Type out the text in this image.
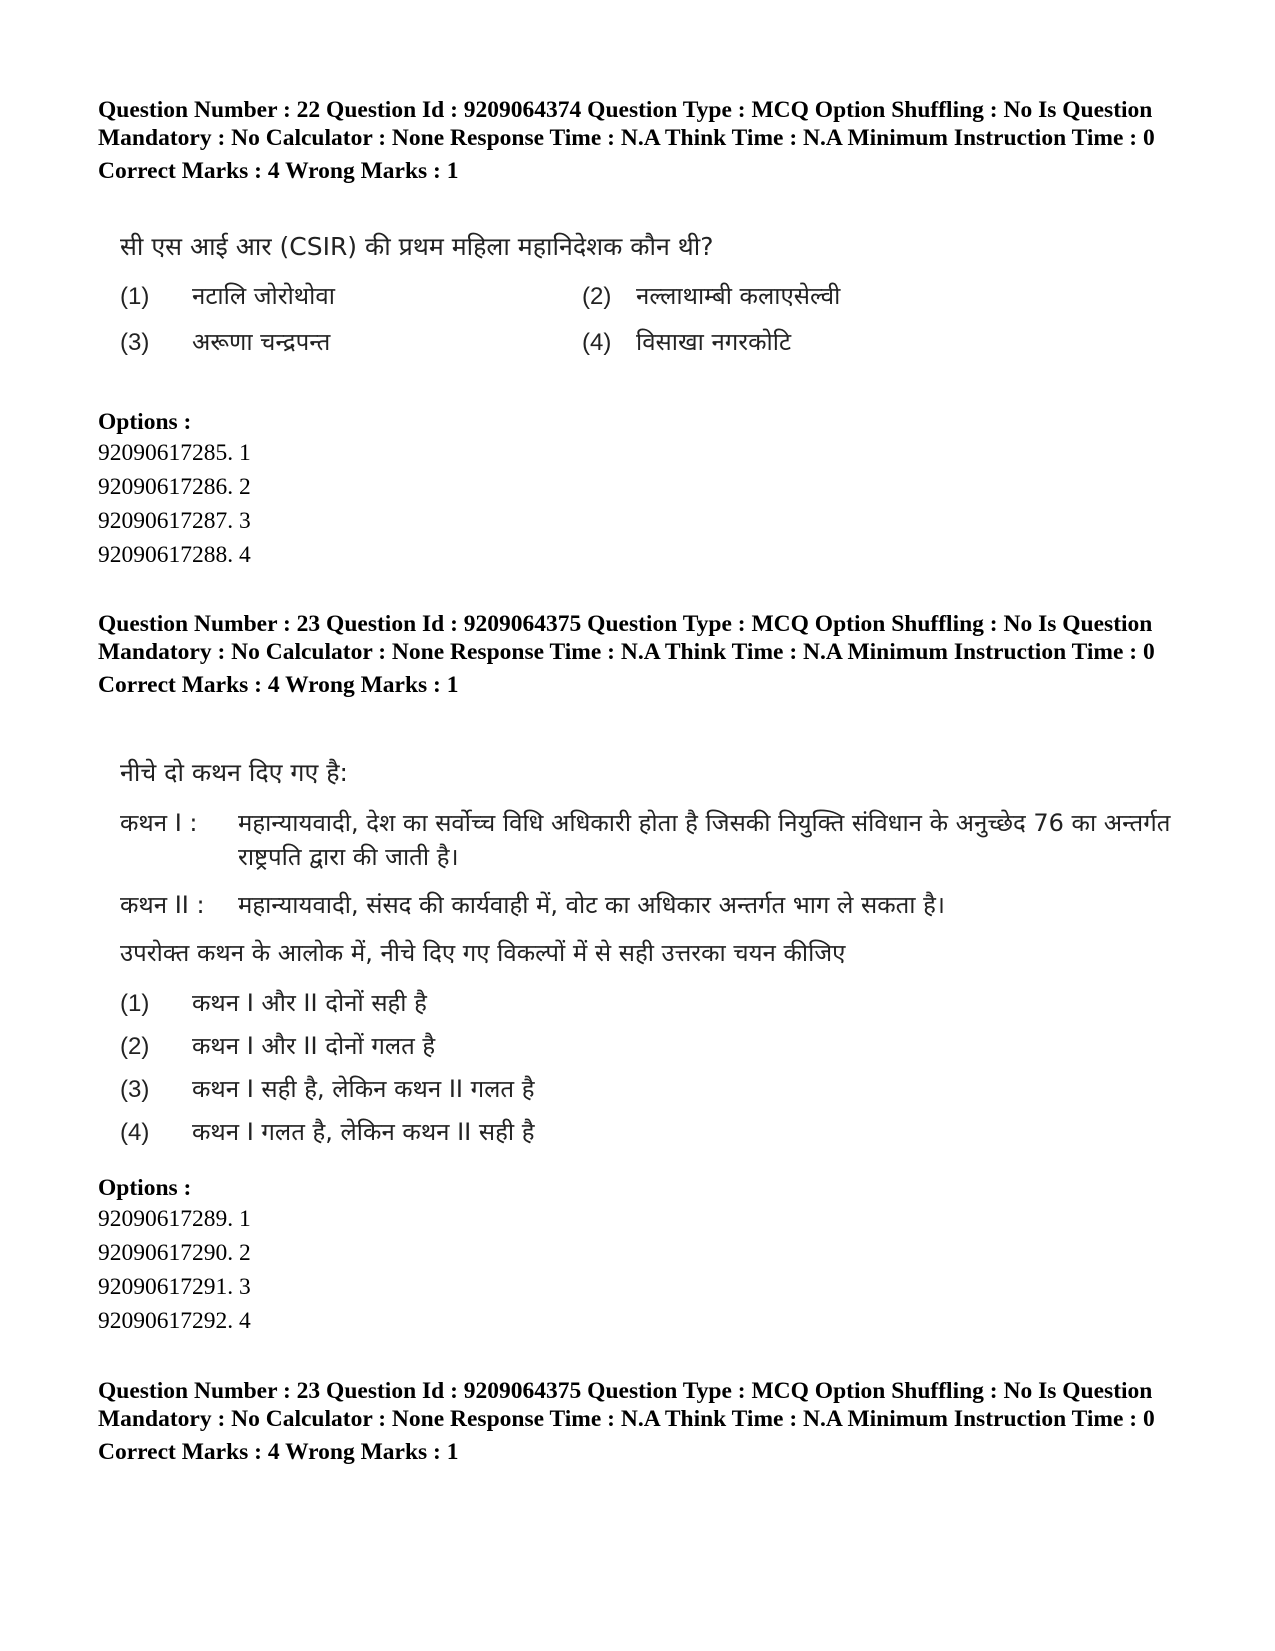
Question Number : 22 Question Id : 9209064374 Question Type : MCQ Option Shuffling : No Is Question Mandatory : No Calculator : None Response Time : N.A Think Time : N.A Minimum Instruction Time : 0

Correct Marks : 4 Wrong Marks : 1

सी एस आई आर (CSIR) की प्रथम महिला महानिदेशक कौन थी?

(1) नटालि जोरोथोवा	(2) नल्लाथाम्बी कलाएसेल्वी
(3) अरूणा चन्द्रपन्त	(4) विसाखा नगरकोटि

Options :

92090617285. 1

92090617286. 2

92090617287. 3

92090617288. 4

Question Number : 23 Question Id : 9209064375 Question Type : MCQ Option Shuffling : No Is Question Mandatory : No Calculator : None Response Time : N.A Think Time : N.A Minimum Instruction Time : 0

Correct Marks : 4 Wrong Marks : 1

नीचे दो कथन दिए गए है:

कथन I : महान्यायवादी, देश का सर्वोच्च विधि अधिकारी होता है जिसकी नियुक्ति संविधान के अनुच्छेद 76 का अन्तर्गत राष्ट्रपति द्वारा की जाती है।
कथन II : महान्यायवादी, संसद की कार्यवाही में, वोट का अधिकार अन्तर्गत भाग ले सकता है।

उपरोक्त कथन के आलोक में, नीचे दिए गए विकल्पों में से सही उत्तरका चयन कीजिए

(1) कथन I और II दोनों सही है
(2) कथन I और II दोनों गलत है
(3) कथन I सही है, लेकिन कथन II गलत है
(4) कथन I गलत है, लेकिन कथन II सही है

Options :

92090617289. 1

92090617290. 2

92090617291. 3

92090617292. 4

Question Number : 23 Question Id : 9209064375 Question Type : MCQ Option Shuffling : No Is Question Mandatory : No Calculator : None Response Time : N.A Think Time : N.A Minimum Instruction Time : 0

Correct Marks : 4 Wrong Marks : 1
